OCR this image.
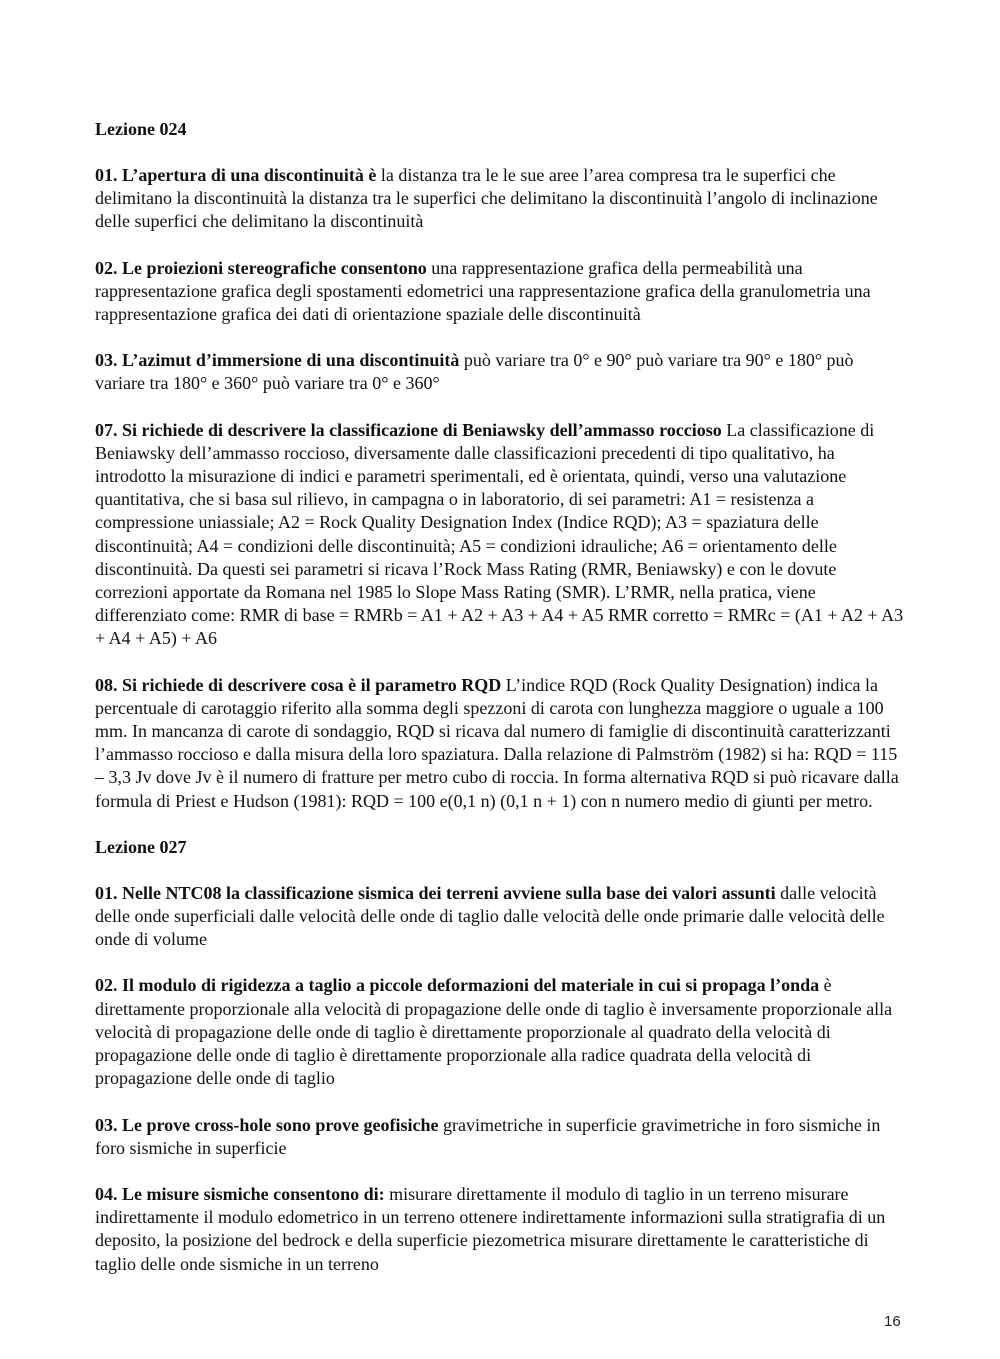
Lezione 024

01. L’apertura di una discontinuità è la distanza tra le le sue aree l’area compresa tra le superfici che delimitano la discontinuità la distanza tra le superfici che delimitano la discontinuità l’angolo di inclinazione delle superfici che delimitano la discontinuità

02. Le proiezioni stereografiche consentono una rappresentazione grafica della permeabilità una rappresentazione grafica degli spostamenti edometrici una rappresentazione grafica della granulometria una rappresentazione grafica dei dati di orientazione spaziale delle discontinuità

03. L’azimut d’immersione di una discontinuità può variare tra 0° e 90° può variare tra 90° e 180° può variare tra 180° e 360° può variare tra 0° e 360°

07. Si richiede di descrivere la classificazione di Beniawsky dell’ammasso roccioso La classificazione di Beniawsky dell’ammasso roccioso, diversamente dalle classificazioni precedenti di tipo qualitativo, ha introdotto la misurazione di indici e parametri sperimentali, ed è orientata, quindi, verso una valutazione quantitativa, che si basa sul rilievo, in campagna o in laboratorio, di sei parametri: A1 = resistenza a compressione uniassiale; A2 = Rock Quality Designation Index (Indice RQD); A3 = spaziatura delle discontinuità; A4 = condizioni delle discontinuità; A5 = condizioni idrauliche; A6 = orientamento delle discontinuità. Da questi sei parametri si ricava l’Rock Mass Rating (RMR, Beniawsky) e con le dovute correzioni apportate da Romana nel 1985 lo Slope Mass Rating (SMR). L’RMR, nella pratica, viene differenziato come: RMR di base = RMRb = A1 + A2 + A3 + A4 + A5 RMR corretto = RMRc = (A1 + A2 + A3 + A4 + A5) + A6

08. Si richiede di descrivere cosa è il parametro RQD L’indice RQD (Rock Quality Designation) indica la percentuale di carotaggio riferito alla somma degli spezzoni di carota con lunghezza maggiore o uguale a 100 mm. In mancanza di carote di sondaggio, RQD si ricava dal numero di famiglie di discontinuità caratterizzanti l’ammasso roccioso e dalla misura della loro spaziatura. Dalla relazione di Palmström (1982) si ha: RQD = 115 – 3,3 Jv dove Jv è il numero di fratture per metro cubo di roccia. In forma alternativa RQD si può ricavare dalla formula di Priest e Hudson (1981): RQD = 100 e(0,1 n) (0,1 n + 1) con n numero medio di giunti per metro.

Lezione 027

01. Nelle NTC08 la classificazione sismica dei terreni avviene sulla base dei valori assunti dalle velocità delle onde superficiali dalle velocità delle onde di taglio dalle velocità delle onde primarie dalle velocità delle onde di volume

02. Il modulo di rigidezza a taglio a piccole deformazioni del materiale in cui si propaga l’onda è direttamente proporzionale alla velocità di propagazione delle onde di taglio è inversamente proporzionale alla velocità di propagazione delle onde di taglio è direttamente proporzionale al quadrato della velocità di propagazione delle onde di taglio è direttamente proporzionale alla radice quadrata della velocità di propagazione delle onde di taglio

03. Le prove cross-hole sono prove geofisiche gravimetriche in superficie gravimetriche in foro sismiche in foro sismiche in superficie

04. Le misure sismiche consentono di: misurare direttamente il modulo di taglio in un terreno misurare indirettamente il modulo edometrico in un terreno ottenere indirettamente informazioni sulla stratigrafia di un deposito, la posizione del bedrock e della superficie piezometrica misurare direttamente le caratteristiche di taglio delle onde sismiche in un terreno

16
